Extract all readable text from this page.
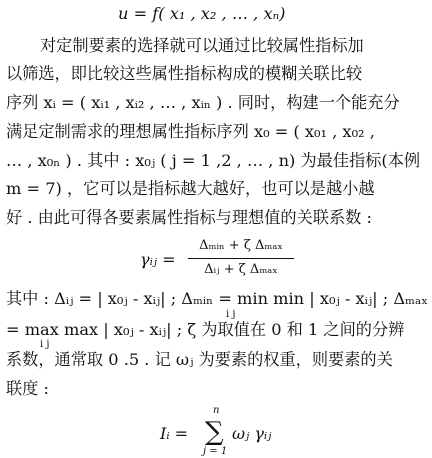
u = f( x₁ , x₂ , … , xₙ)
对定制要素的选择就可以通过比较属性指标加
以筛选，即比较这些属性指标构成的模糊关联比较
序列 xᵢ = ( xᵢ₁ , xᵢ₂ , … , xᵢₙ ) . 同时，构建一个能充分
满足定制需求的理想属性指标序列 x₀ = ( x₀₁ , x₀₂ ,
… , x₀ₙ ) . 其中 : x₀ⱼ ( j = 1 ,2 , … , n) 为最佳指标(本例
m = 7) ，它可以是指标越大越好，也可以是越小越
好 . 由此可得各要素属性指标与理想值的关联系数 :
γᵢⱼ =
Δₘᵢₙ + ζ Δₘₐₓ
Δᵢⱼ + ζ Δₘₐₓ
其中 : Δᵢⱼ = | x₀ⱼ - xᵢⱼ| ; Δₘᵢₙ = min min | x₀ⱼ - xᵢⱼ| ; Δₘₐₓ
i j
= max max | x₀ⱼ - xᵢⱼ| ; ζ 为取值在 0 和 1 之间的分辨
i j
系数，通常取 0 .5 . 记 ωⱼ 为要素的权重，则要素的关
联度 :
Iᵢ =
n
∑
j = 1
ωⱼ γᵢⱼ
